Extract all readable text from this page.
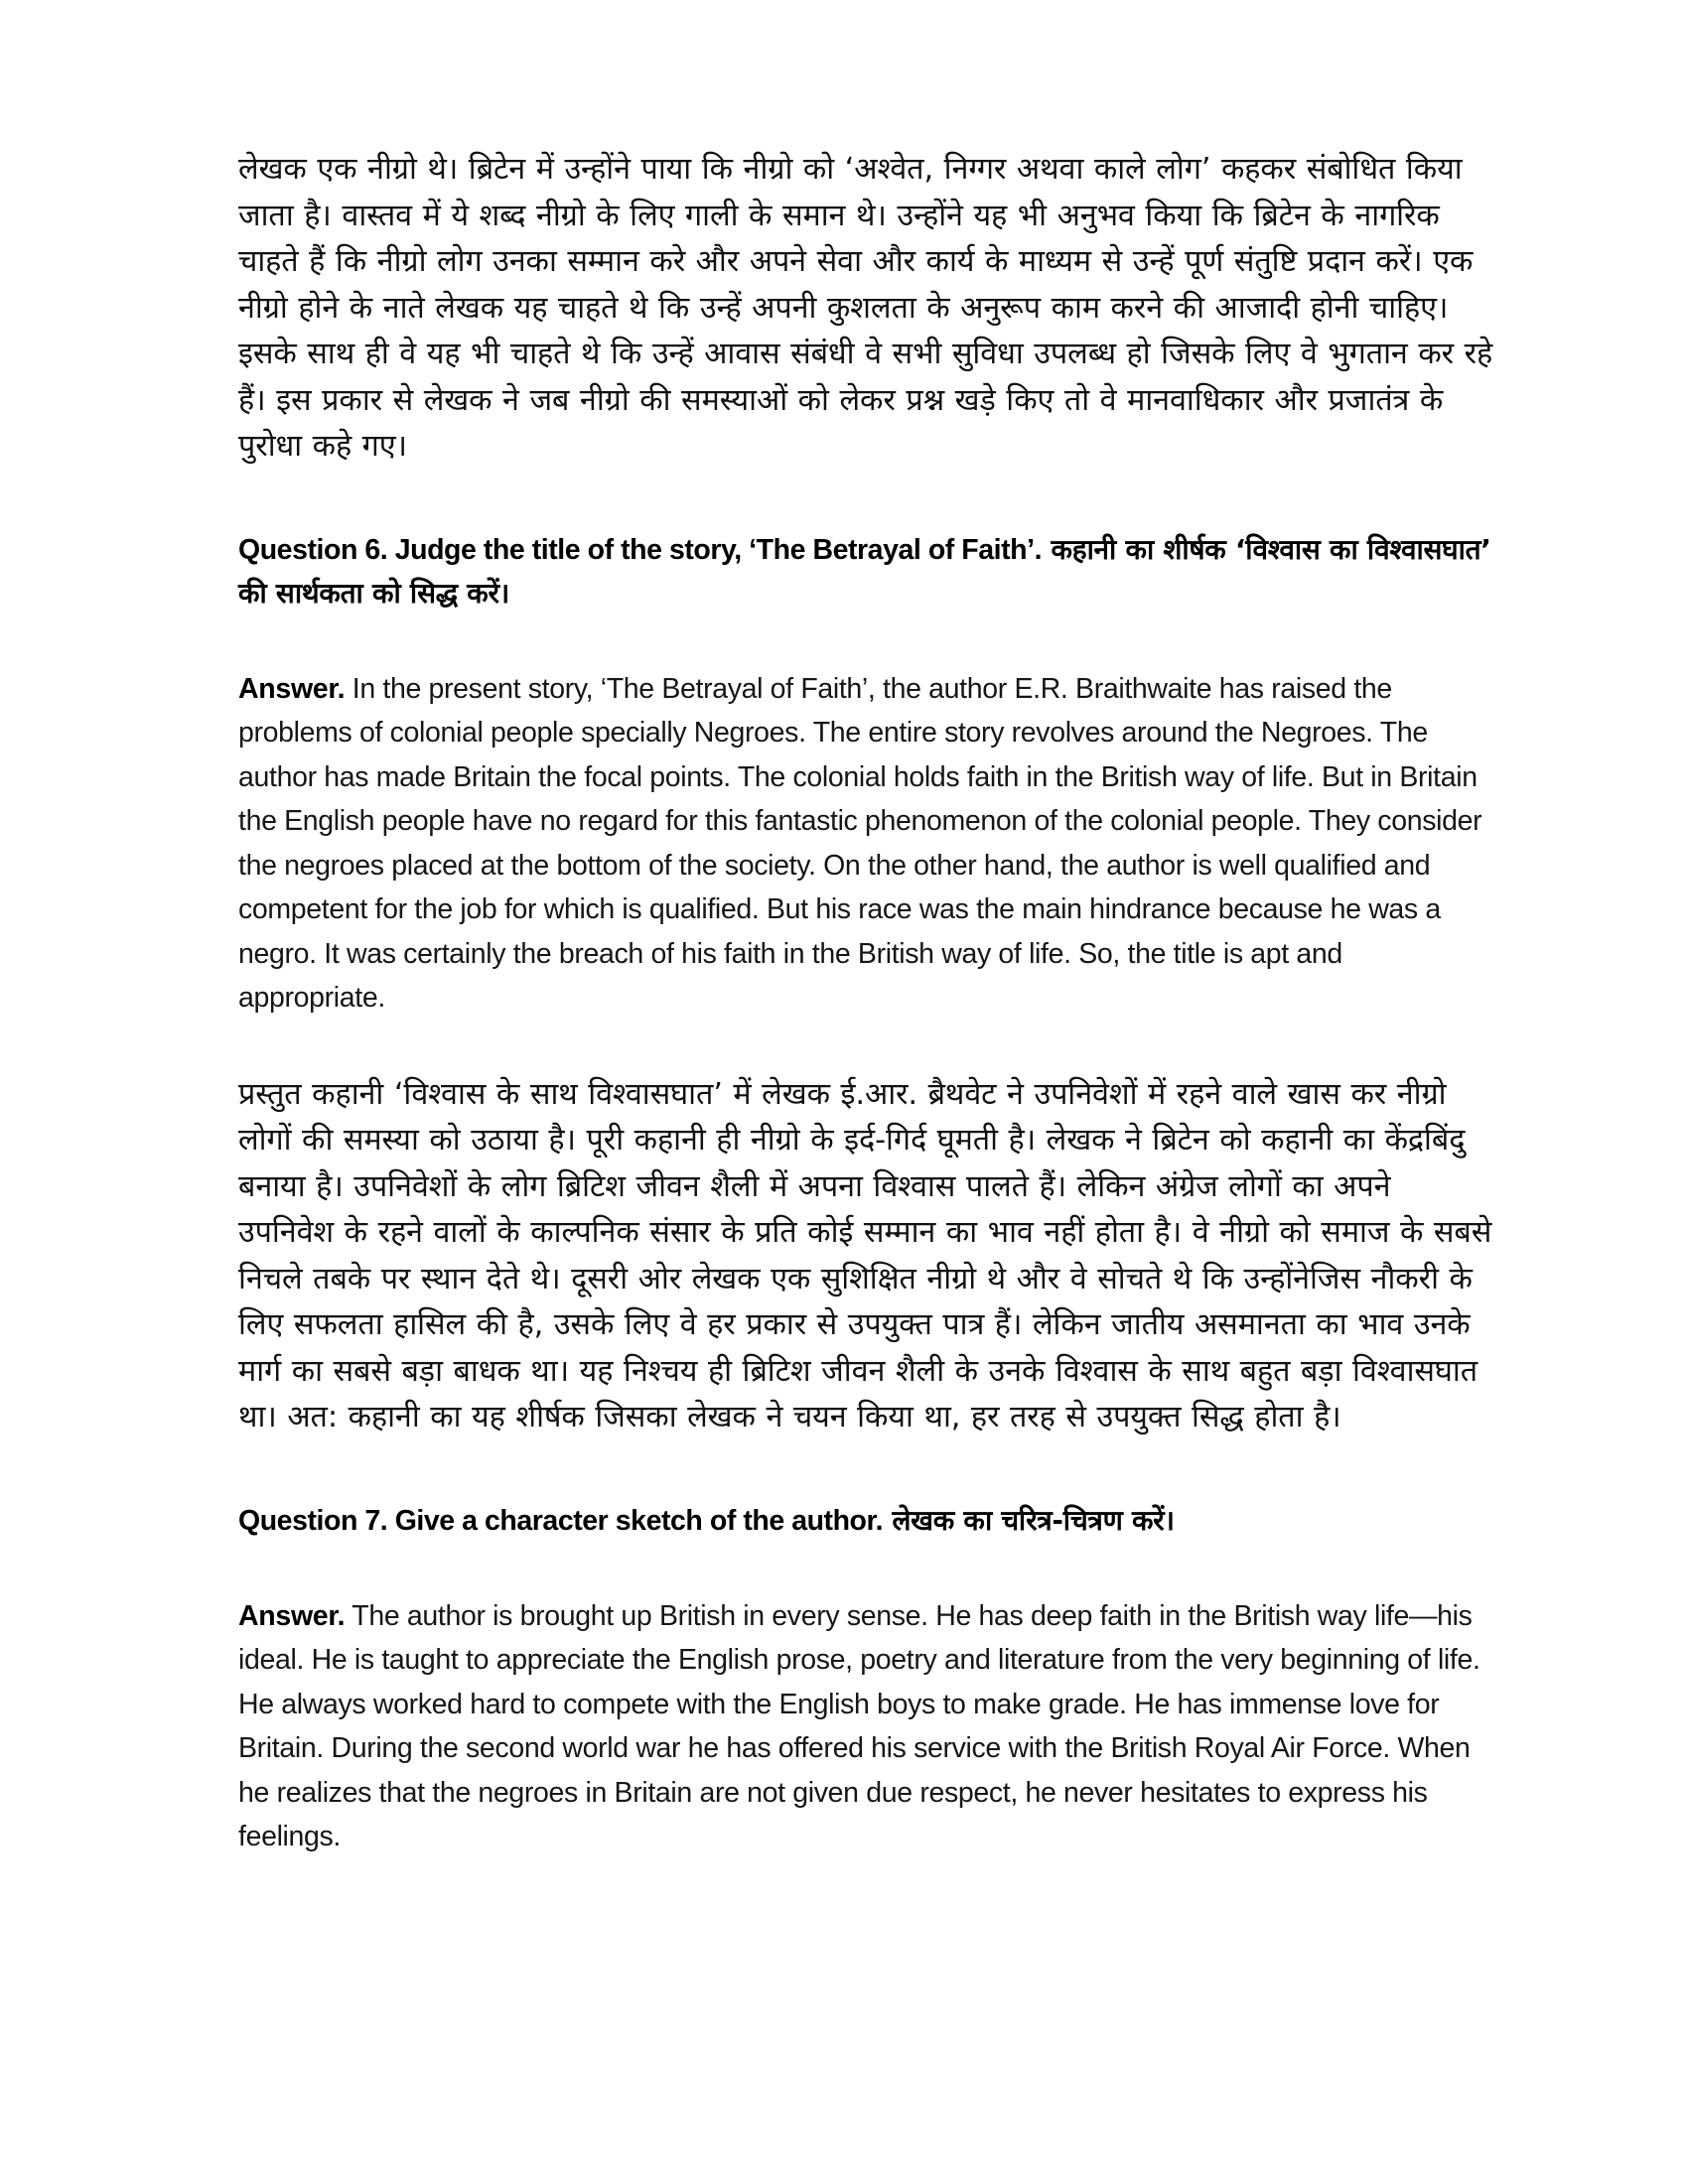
लेखक एक नीग्रो थे। ब्रिटेन में उन्होंने पाया कि नीग्रो को ‘अश्वेत, निग्गर अथवा काले लोग’ कहकर संबोधित किया जाता है। वास्तव में ये शब्द नीग्रो के लिए गाली के समान थे। उन्होंने यह भी अनुभव किया कि ब्रिटेन के नागरिक चाहते हैं कि नीग्रो लोग उनका सम्मान करे और अपने सेवा और कार्य के माध्यम से उन्हें पूर्ण संतुष्टि प्रदान करें। एक नीग्रो होने के नाते लेखक यह चाहते थे कि उन्हें अपनी कुशलता के अनुरूप काम करने की आजादी होनी चाहिए। इसके साथ ही वे यह भी चाहते थे कि उन्हें आवास संबंधी वे सभी सुविधा उपलब्ध हो जिसके लिए वे भुगतान कर रहे हैं। इस प्रकार से लेखक ने जब नीग्रो की समस्याओं को लेकर प्रश्न खड़े किए तो वे मानवाधिकार और प्रजातंत्र के पुरोधा कहे गए।

Question 6. Judge the title of the story, ‘The Betrayal of Faith’. कहानी का शीर्षक ‘विश्वास का विश्वासघात’ की सार्थकता को सिद्ध करें।

Answer. In the present story, ‘The Betrayal of Faith’, the author E.R. Braithwaite has raised the problems of colonial people specially Negroes. The entire story revolves around the Negroes. The author has made Britain the focal points. The colonial holds faith in the British way of life. But in Britain the English people have no regard for this fantastic phenomenon of the colonial people. They consider the negroes placed at the bottom of the society. On the other hand, the author is well qualified and competent for the job for which is qualified. But his race was the main hindrance because he was a negro. It was certainly the breach of his faith in the British way of life. So, the title is apt and appropriate.

प्रस्तुत कहानी ‘विश्वास के साथ विश्वासघात’ में लेखक ई.आर. ब्रैथवेट ने उपनिवेशों में रहने वाले खास कर नीग्रो लोगों की समस्या को उठाया है। पूरी कहानी ही नीग्रो के इर्द-गिर्द घूमती है। लेखक ने ब्रिटेन को कहानी का केंद्रबिंदु बनाया है। उपनिवेशों के लोग ब्रिटिश जीवन शैली में अपना विश्वास पालते हैं। लेकिन अंग्रेज लोगों का अपने उपनिवेश के रहने वालों के काल्पनिक संसार के प्रति कोई सम्मान का भाव नहीं होता है। वे नीग्रो को समाज के सबसे निचले तबके पर स्थान देते थे। दूसरी ओर लेखक एक सुशिक्षित नीग्रो थे और वे सोचते थे कि उन्होंनेजिस नौकरी के लिए सफलता हासिल की है, उसके लिए वे हर प्रकार से उपयुक्त पात्र हैं। लेकिन जातीय असमानता का भाव उनके मार्ग का सबसे बड़ा बाधक था। यह निश्चय ही ब्रिटिश जीवन शैली के उनके विश्वास के साथ बहुत बड़ा विश्वासघात था। अत: कहानी का यह शीर्षक जिसका लेखक ने चयन किया था, हर तरह से उपयुक्त सिद्ध होता है।

Question 7. Give a character sketch of the author. लेखक का चरित्र-चित्रण करें।

Answer. The author is brought up British in every sense. He has deep faith in the British way life—his ideal. He is taught to appreciate the English prose, poetry and literature from the very beginning of life. He always worked hard to compete with the English boys to make grade. He has immense love for Britain. During the second world war he has offered his service with the British Royal Air Force. When he realizes that the negroes in Britain are not given due respect, he never hesitates to express his feelings.
